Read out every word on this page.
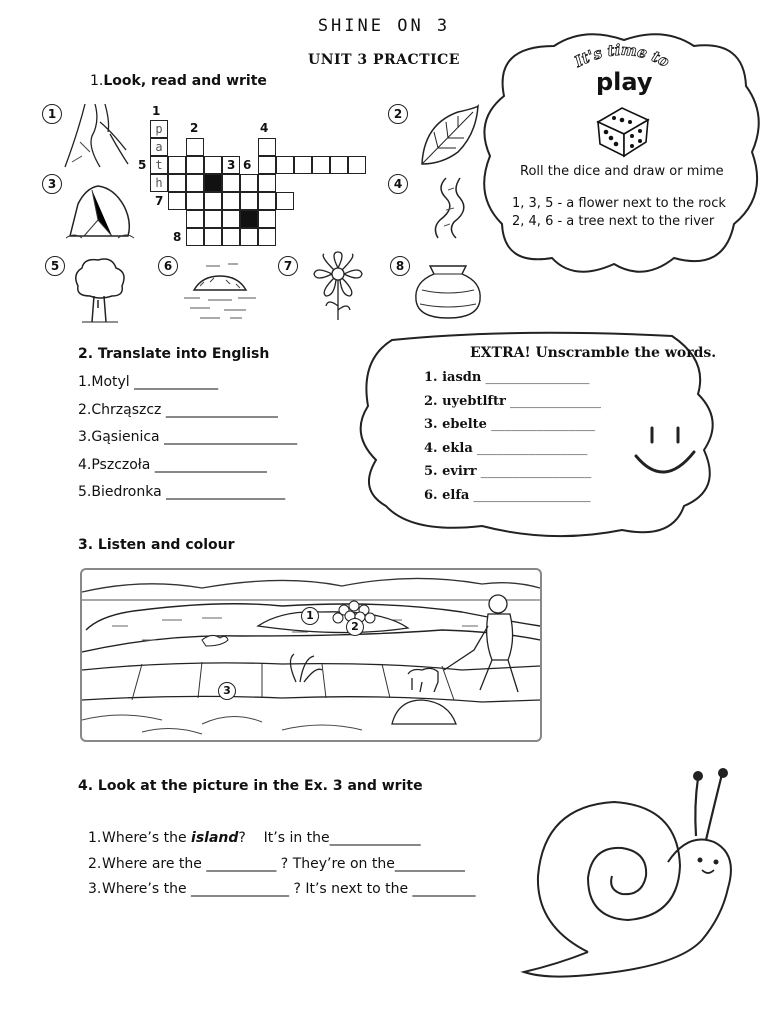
SHINE ON 3
UNIT 3 PRACTICE
1.Look, read and write
1	2
3	4
5	6	7	8
p
a
t
h
1
2	4
5	3 6
7
8
It's time to
play
Roll the dice and draw or mime
1, 3, 5 - a flower next to the rock
2, 4, 6 - a tree next to the river
2. Translate into English
1.Motyl ____________
2.Chrząszcz ________________
3.Gąsienica ___________________
4.Pszczoła ________________
5.Biedronka _________________
EXTRA! Unscramble the words.
1. iasdn ________________
2. uyebtlftr ______________
3. ebelte ________________
4. ekla _________________
5. evirr _________________
6. elfa __________________
3. Listen and colour
1
2
3
4. Look at the picture in the Ex. 3 and write
1.Where’s the island? It’s in the_____________
2.Where are the __________ ? They’re on the__________
3.Where’s the ______________ ? It’s next to the _________
